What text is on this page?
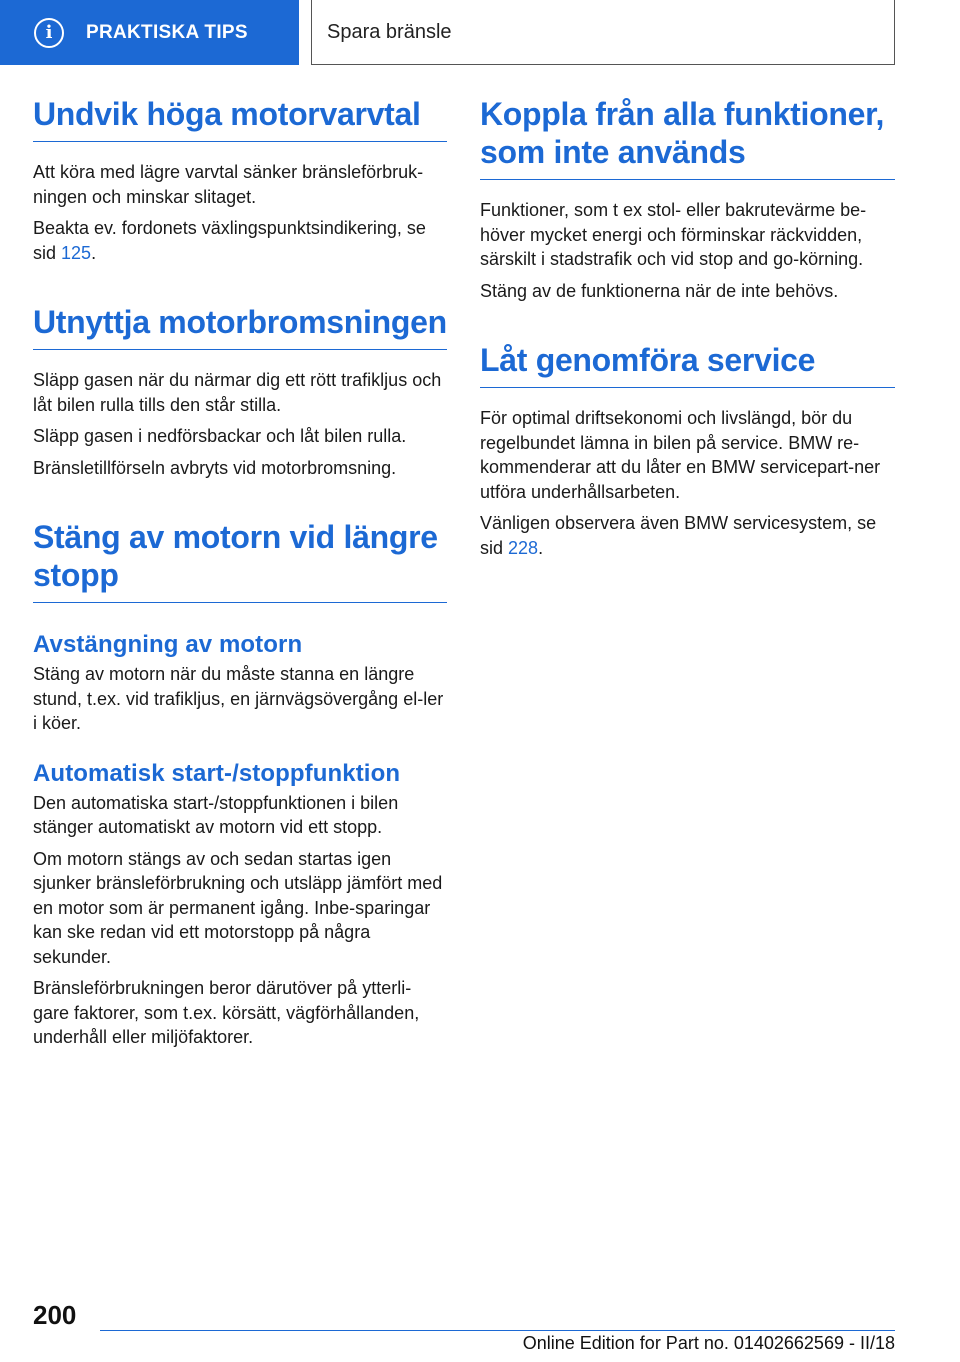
i	PRAKTISKA TIPS	Spara bränsle
Undvik höga motorvarvtal

Att köra med lägre varvtal sänker bränsleförbruk-ningen och minskar slitaget.

Beakta ev. fordonets växlingspunktsindikering, se sid 125.

Utnyttja motorbromsningen

Släpp gasen när du närmar dig ett rött trafikljus och låt bilen rulla tills den står stilla.

Släpp gasen i nedförsbackar och låt bilen rulla.

Bränsletillförseln avbryts vid motorbromsning.

Stäng av motorn vid längre stopp
Avstängning av motorn

Stäng av motorn när du måste stanna en längre stund, t.ex. vid trafikljus, en järnvägsövergång el-ler i köer.

Automatisk start-/stoppfunktion

Den automatiska start-/stoppfunktionen i bilen stänger automatiskt av motorn vid ett stopp.

Om motorn stängs av och sedan startas igen sjunker bränsleförbrukning och utsläpp jämfört med en motor som är permanent igång. Inbe-sparingar kan ske redan vid ett motorstopp på några sekunder.

Bränsleförbrukningen beror därutöver på ytterli-gare faktorer, som t.ex. körsätt, vägförhållanden, underhåll eller miljöfaktorer.

Koppla från alla funktioner, som inte används

Funktioner, som t ex stol- eller bakrutevärme be-höver mycket energi och förminskar räckvidden, särskilt i stadstrafik och vid stop and go-körning.

Stäng av de funktionerna när de inte behövs.

Låt genomföra service

För optimal driftsekonomi och livslängd, bör du regelbundet lämna in bilen på service. BMW re-kommenderar att du låter en BMW servicepart-ner utföra underhållsarbeten.

Vänligen observera även BMW servicesystem, se sid 228.

200
Online Edition for Part no. 01402662569 - II/18
